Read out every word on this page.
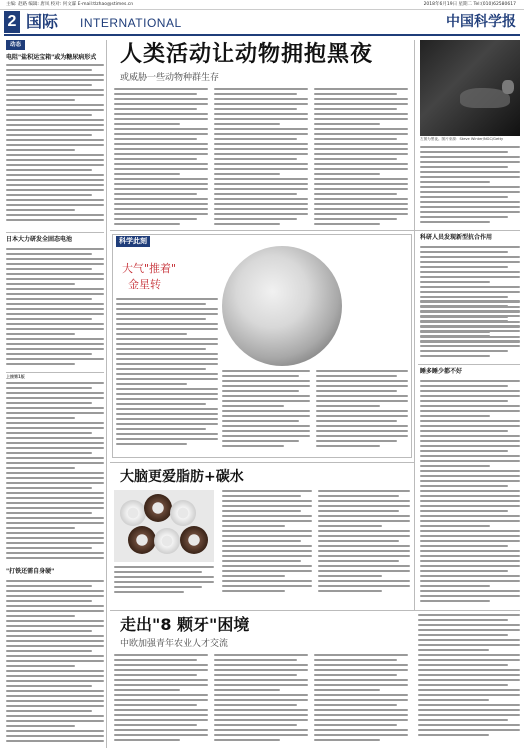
主编: 赵路 编辑: 唐凤 校对: 何文霖 E-mail:tlzhao@stimes.cn	2018年6月19日 星期二 Tel:(010)62580617
2 国际 INTERNATIONAL	中国科学报
动态
电阻"盐积运宝箱"或为糖尿病形式
日本大力研发全固态电池
上接第1版
"打铁还需自身硬"
人类活动让动物拥抱黑夜
或威胁一些动物种群生存
左图为黑夜。图片来源：Steve Winter/NGC/Getty
科学此刻
大气"推着"
金星转
科研人员发现新型抗合作用
睡多睡少都不好
大脑更爱脂肪+碳水
走出"8 颗牙"困境
中欧加强青年农业人才交流
